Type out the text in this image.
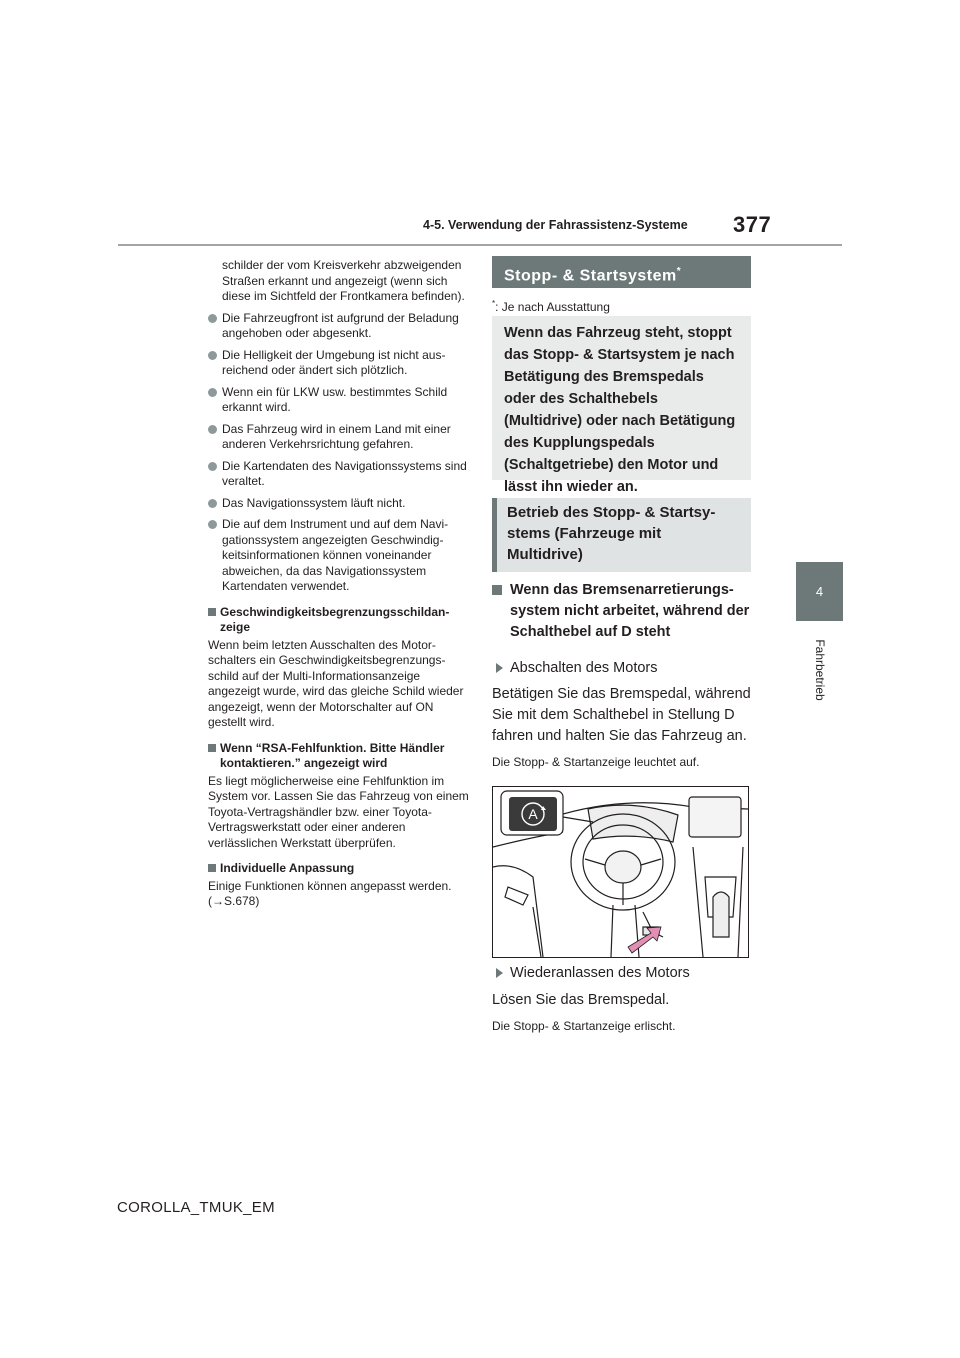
4-5. Verwendung der Fahrassistenz-Systeme 377
4
Fahrbetrieb

schilder der vom Kreisverkehr abzweigenden Straßen erkannt und angezeigt (wenn sich diese im Sichtfeld der Frontkamera befinden).

Die Fahrzeugfront ist aufgrund der Beladung angehoben oder abgesenkt.

Die Helligkeit der Umgebung ist nicht ausreichend oder ändert sich plötzlich.

Wenn ein für LKW usw. bestimmtes Schild erkannt wird.

Das Fahrzeug wird in einem Land mit einer anderen Verkehrsrichtung gefahren.

Die Kartendaten des Navigationssystems sind veraltet.

Das Navigationssystem läuft nicht.

Die auf dem Instrument und auf dem Navigationssystem angezeigten Geschwindigkeitsinformationen können voneinander abweichen, da das Navigationssystem Kartendaten verwendet.

Geschwindigkeitsbegrenzungsschildanzeige

Wenn beim letzten Ausschalten des Motorschalters ein Geschwindigkeitsbegrenzungsschild auf der Multi-Informationsanzeige angezeigt wurde, wird das gleiche Schild wieder angezeigt, wenn der Motorschalter auf ON gestellt wird.

Wenn “RSA-Fehlfunktion. Bitte Händler kontaktieren.” angezeigt wird

Es liegt möglicherweise eine Fehlfunktion im System vor. Lassen Sie das Fahrzeug von einem Toyota-Vertragshändler bzw. einer Toyota-Vertragswerkstatt oder einer anderen verlässlichen Werkstatt überprüfen.

Individuelle Anpassung

Einige Funktionen können angepasst werden. (→S.678)

Stopp- & Startsystem*
*: Je nach Ausstattung
Wenn das Fahrzeug steht, stoppt das Stopp- & Startsystem je nach Betätigung des Bremspedals oder des Schalthebels (Multidrive) oder nach Betätigung des Kupplungspedals (Schaltgetriebe) den Motor und lässt ihn wieder an.
Betrieb des Stopp- & Startsystems (Fahrzeuge mit Multidrive)
Wenn das Bremsenarretierungssystem nicht arbeitet, während der Schalthebel auf D steht
Abschalten des Motors
Betätigen Sie das Bremspedal, während Sie mit dem Schalthebel in Stellung D fahren und halten Sie das Fahrzeug an.
Die Stopp- & Startanzeige leuchtet auf.
A
Wiederanlassen des Motors
Lösen Sie das Bremspedal.
Die Stopp- & Startanzeige erlischt.
COROLLA_TMUK_EM
